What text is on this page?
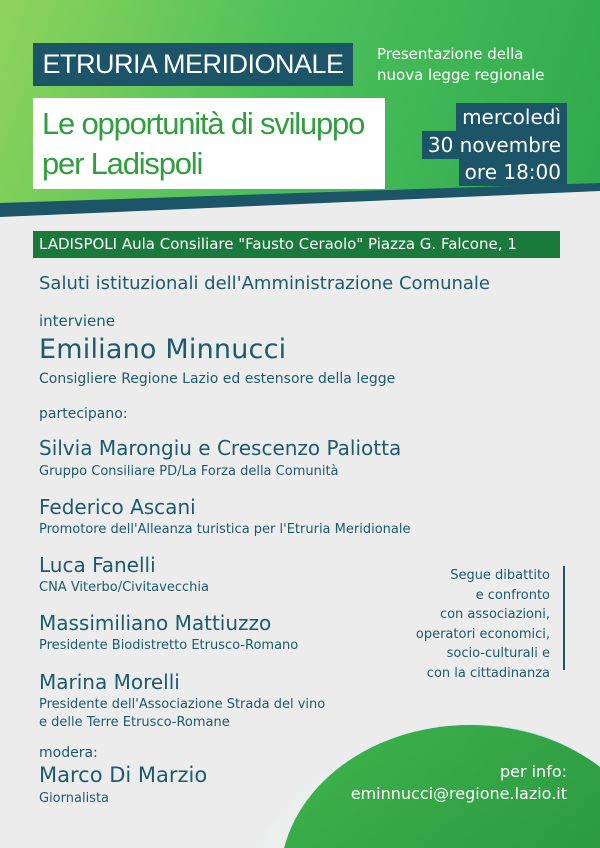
ETRURIA MERIDIONALE	Presentazione della
nuova legge regionale
Le opportunità di sviluppo
per Ladispoli
mercoledì
30 novembre
ore 18:00
LADISPOLI Aula Consiliare "Fausto Ceraolo" Piazza G. Falcone, 1
Saluti istituzionali dell'Amministrazione Comunale
interviene
Emiliano Minnucci
Consigliere Regione Lazio ed estensore della legge
partecipano:
Silvia Marongiu e Crescenzo Paliotta
Gruppo Consiliare PD/La Forza della Comunità
Federico Ascani
Promotore dell'Alleanza turistica per l'Etruria Meridionale
Luca Fanelli
CNA Viterbo/Civitavecchia
Massimiliano Mattiuzzo
Presidente Biodistretto Etrusco-Romano
Marina Morelli
Presidente dell'Associazione Strada del vino
e delle Terre Etrusco-Romane
modera:
Marco Di Marzio
Giornalista
Segue dibattito
e confronto
con associazioni,
operatori economici,
socio-culturali e
con la cittadinanza
per info:
eminnucci@regione.lazio.it
